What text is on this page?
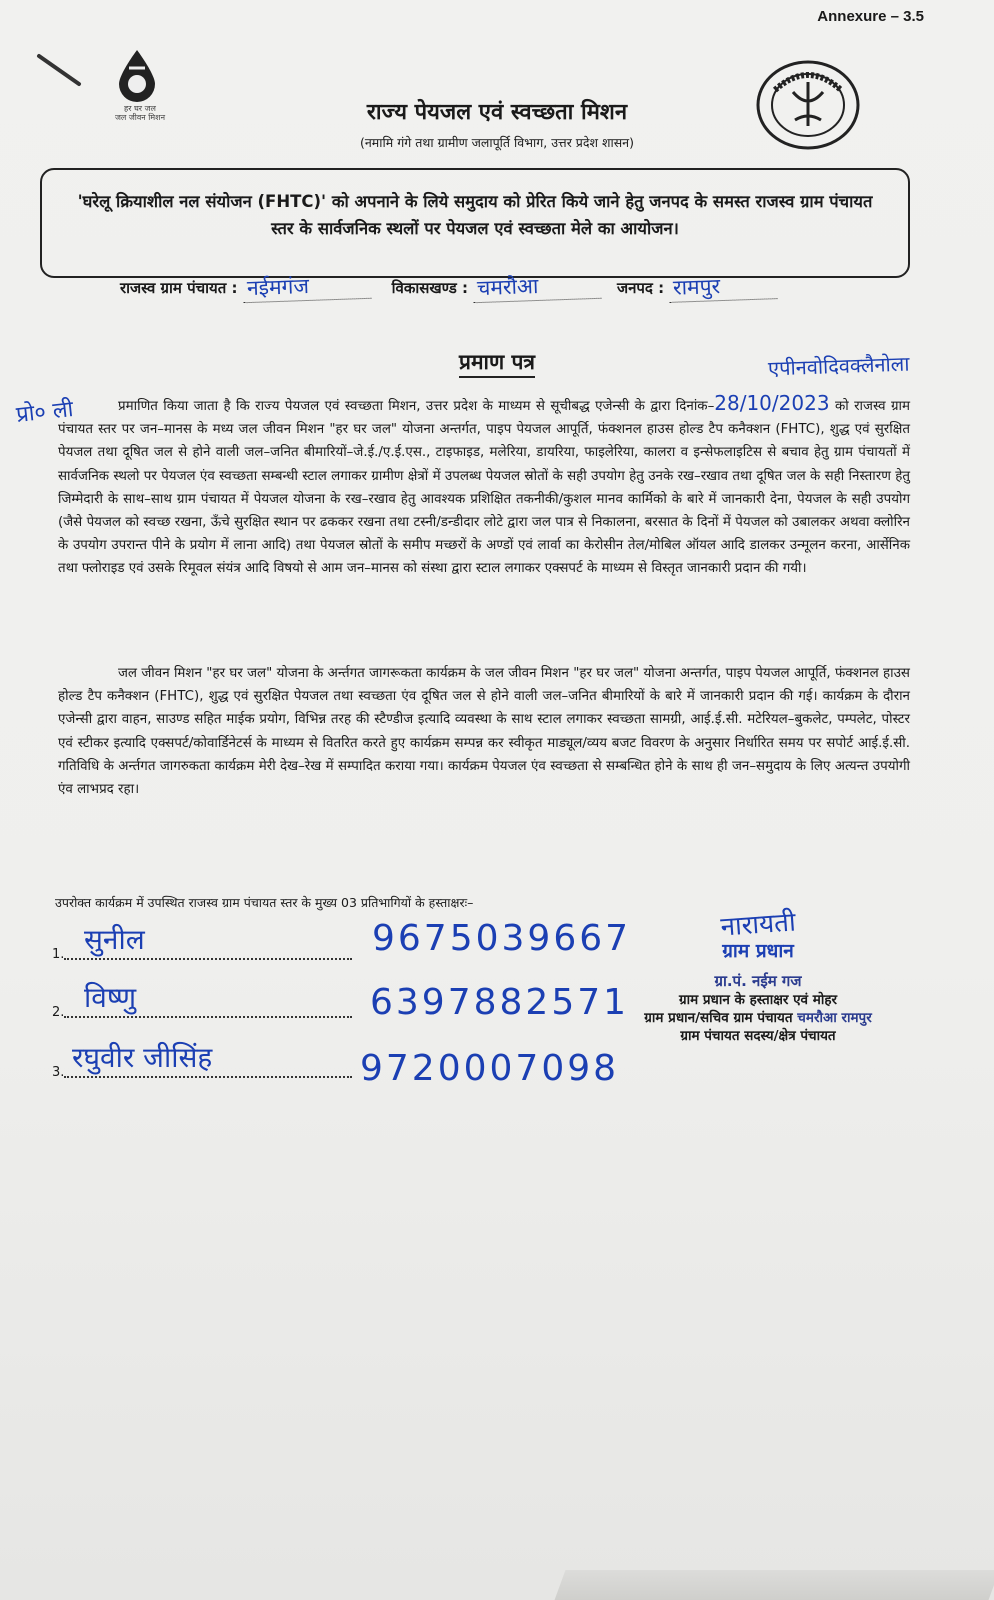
Annexure – 3.5
हर घर जल
जल जीवन मिशन	राज्य पेयजल एवं स्वच्छता मिशन
(नमामि गंगे तथा ग्रामीण जलापूर्ति विभाग, उत्तर प्रदेश शासन)
'घरेलू क्रियाशील नल संयोजन (FHTC)' को अपनाने के लिये समुदाय को प्रेरित किये जाने हेतु जनपद के समस्त राजस्व ग्राम पंचायत स्तर के सार्वजनिक स्थलों पर पेयजल एवं स्वच्छता मेले का आयोजन।
राजस्व ग्राम पंचायत : नईमगंज	विकासखण्ड : चमरौआ	जनपद : रामपुर
प्रमाण पत्र	एपीनवोदिवक्लैनोला
प्रो० ली	प्रमाणित किया जाता है कि राज्य पेयजल एवं स्वच्छता मिशन, उत्तर प्रदेश के माध्यम से सूचीबद्ध एजेन्सी के द्वारा दिनांक–28/10/2023 को राजस्व ग्राम पंचायत स्तर पर जन–मानस के मध्य जल जीवन मिशन "हर घर जल" योजना अन्तर्गत, पाइप पेयजल आपूर्ति, फंक्शनल हाउस होल्ड टैप कनैक्शन (FHTC), शुद्ध एवं सुरक्षित पेयजल तथा दूषित जल से होने वाली जल–जनित बीमारियों–जे.ई./ए.ई.एस., टाइफाइड, मलेरिया, डायरिया, फाइलेरिया, कालरा व इन्सेफलाइटिस से बचाव हेतु ग्राम पंचायतों में सार्वजनिक स्थलो पर पेयजल एंव स्वच्छता सम्बन्धी स्टाल लगाकर ग्रामीण क्षेत्रों में उपलब्ध पेयजल स्रोतों के सही उपयोग हेतु उनके रख–रखाव तथा दूषित जल के सही निस्तारण हेतु जिम्मेदारी के साथ–साथ ग्राम पंचायत में पेयजल योजना के रख–रखाव हेतु आवश्यक प्रशिक्षित तकनीकी/कुशल मानव कार्मिको के बारे में जानकारी देना, पेयजल के सही उपयोग (जैसे पेयजल को स्वच्छ रखना, ऊँचे सुरक्षित स्थान पर ढककर रखना तथा टस्नी/डन्डीदार लोटे द्वारा जल पात्र से निकालना, बरसात के दिनों में पेयजल को उबालकर अथवा क्लोरिन के उपयोग उपरान्त पीने के प्रयोग में लाना आदि) तथा पेयजल स्रोतों के समीप मच्छरों के अण्डों एवं लार्वा का केरोसीन तेल/मोबिल ऑयल आदि डालकर उन्मूलन करना, आर्सेनिक तथा फ्लोराइड एवं उसके रिमूवल संयंत्र आदि विषयो से आम जन–मानस को संस्था द्वारा स्टाल लगाकर एक्सपर्ट के माध्यम से विस्तृत जानकारी प्रदान की गयी।
जल जीवन मिशन "हर घर जल" योजना के अर्न्तगत जागरूकता कार्यक्रम के जल जीवन मिशन "हर घर जल" योजना अन्तर्गत, पाइप पेयजल आपूर्ति, फंक्शनल हाउस होल्ड टैप कनैक्शन (FHTC), शुद्ध एवं सुरक्षित पेयजल तथा स्वच्छता एंव दूषित जल से होने वाली जल–जनित बीमारियों के बारे में जानकारी प्रदान की गई। कार्यक्रम के दौरान एजेन्सी द्वारा वाहन, साउण्ड सहित माईक प्रयोग, विभिन्न तरह की स्टैण्डीज इत्यादि व्यवस्था के साथ स्टाल लगाकर स्वच्छता सामग्री, आई.ई.सी. मटेरियल–बुकलेट, पम्पलेट, पोस्टर एवं स्टीकर इत्यादि एक्सपर्ट/कोवार्डिनेटर्स के माध्यम से वितरित करते हुए कार्यक्रम सम्पन्न कर स्वीकृत माड्यूल/व्यय बजट विवरण के अनुसार निर्धारित समय पर सपोर्ट आई.ई.सी. गतिविधि के अर्न्तगत जागरुकता कार्यक्रम मेरी देख–रेख में सम्पादित कराया गया। कार्यक्रम पेयजल एंव स्वच्छता से सम्बन्धित होने के साथ ही जन–समुदाय के लिए अत्यन्त उपयोगी एंव लाभप्रद रहा।
उपरोक्त कार्यक्रम में उपस्थित राजस्व ग्राम पंचायत स्तर के मुख्य 03 प्रतिभागियों के हस्ताक्षरः–
1. सुनील	9675039667
2. विष्णु	6397882571
3. रघुवीर जीसिंह	9720007098
नारायती
ग्राम प्रधान
ग्रा.पं. नईम गज
ग्राम प्रधान के हस्ताक्षर एवं मोहर
ग्राम प्रधान/सचिव ग्राम पंचायत चमरौआ रामपुर
ग्राम पंचायत सदस्य/क्षेत्र पंचायत
